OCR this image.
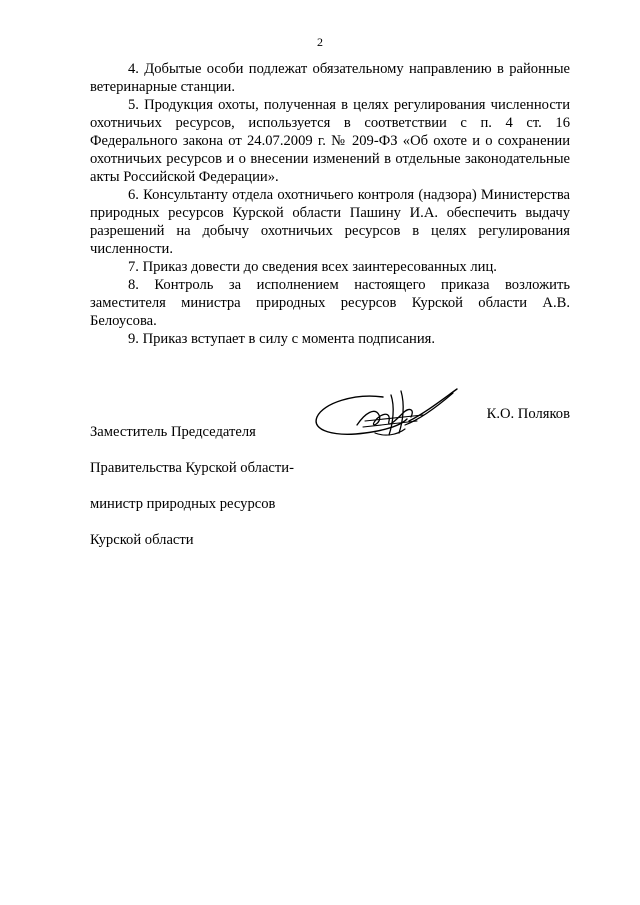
2

4. Добытые особи подлежат обязательному направлению в районные ветеринарные станции.

5. Продукция охоты, полученная в целях регулирования численности охотничьих ресурсов, используется в соответствии с п. 4 ст. 16 Федерального закона от 24.07.2009 г. № 209-ФЗ «Об охоте и о сохранении охотничьих ресурсов и о внесении изменений в отдельные законодательные акты Российской Федерации».

6. Консультанту отдела охотничьего контроля (надзора) Министерства природных ресурсов Курской области Пашину И.А. обеспечить выдачу разрешений на добычу охотничьих ресурсов в целях регулирования численности.

7. Приказ довести до сведения всех заинтересованных лиц.

8. Контроль за исполнением настоящего приказа возложить заместителя министра природных ресурсов Курской области А.В. Белоусова.

9. Приказ вступает в силу с момента подписания.

Заместитель Председателя

Правительства Курской области-

министр природных ресурсов

Курской области

К.О. Поляков
